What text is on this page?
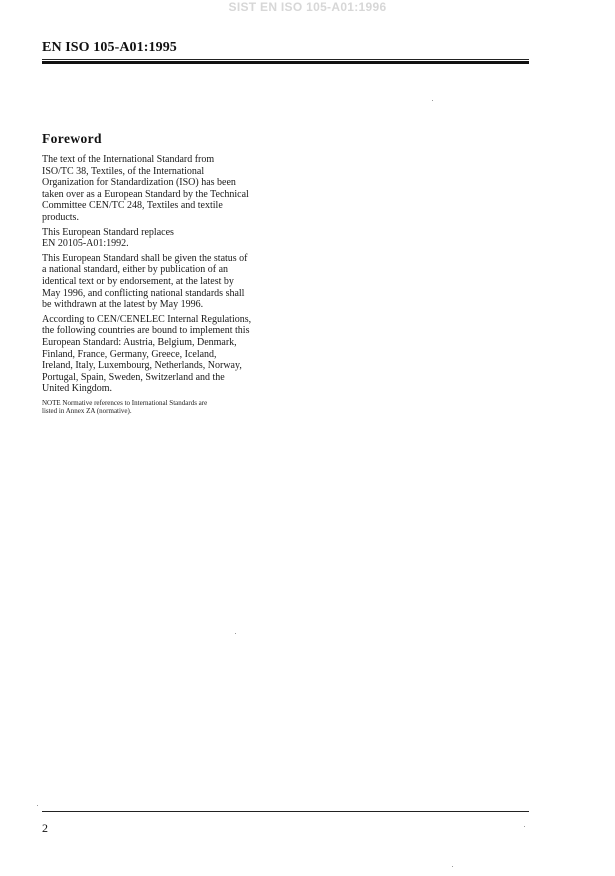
SIST EN ISO 105-A01:1996
EN ISO 105-A01:1995
Foreword

The text of the International Standard from
ISO/TC 38, Textiles, of the International
Organization for Standardization (ISO) has been
taken over as a European Standard by the Technical
Committee CEN/TC 248, Textiles and textile
products.

This European Standard replaces
EN 20105-A01:1992.

This European Standard shall be given the status of
a national standard, either by publication of an
identical text or by endorsement, at the latest by
May 1996, and conflicting national standards shall
be withdrawn at the latest by May 1996.

According to CEN/CENELEC Internal Regulations,
the following countries are bound to implement this
European Standard: Austria, Belgium, Denmark,
Finland, France, Germany, Greece, Iceland,
Ireland, Italy, Luxembourg, Netherlands, Norway,
Portugal, Spain, Sweden, Switzerland and the
United Kingdom.

NOTE Normative references to International Standards are
listed in Annex ZA (normative).

2
